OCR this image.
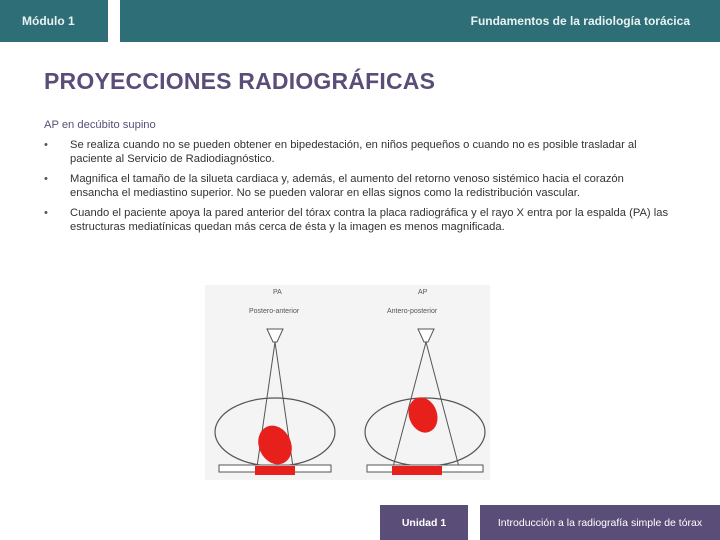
Módulo 1	Fundamentos de la radiología torácica
PROYECCIONES RADIOGRÁFICAS
AP en decúbito supino
• Se realiza cuando no se pueden obtener en bipedestación, en niños pequeños o cuando no es posible trasladar al paciente al Servicio de Radiodiagnóstico.
• Magnifica el tamaño de la silueta cardiaca y, además, el aumento del retorno venoso sistémico hacia el corazón ensancha el mediastino superior. No se pueden valorar en ellas signos como la redistribución vascular.
• Cuando el paciente apoya la pared anterior del tórax contra la placa radiográfica y el rayo X entra por la espalda (PA) las estructuras mediatínicas quedan más cerca de ésta y la imagen es menos magnificada.
PA
Postero-anterior
AP
Antero-posterior
Unidad 1	Introducción a la radiografía simple de tórax
